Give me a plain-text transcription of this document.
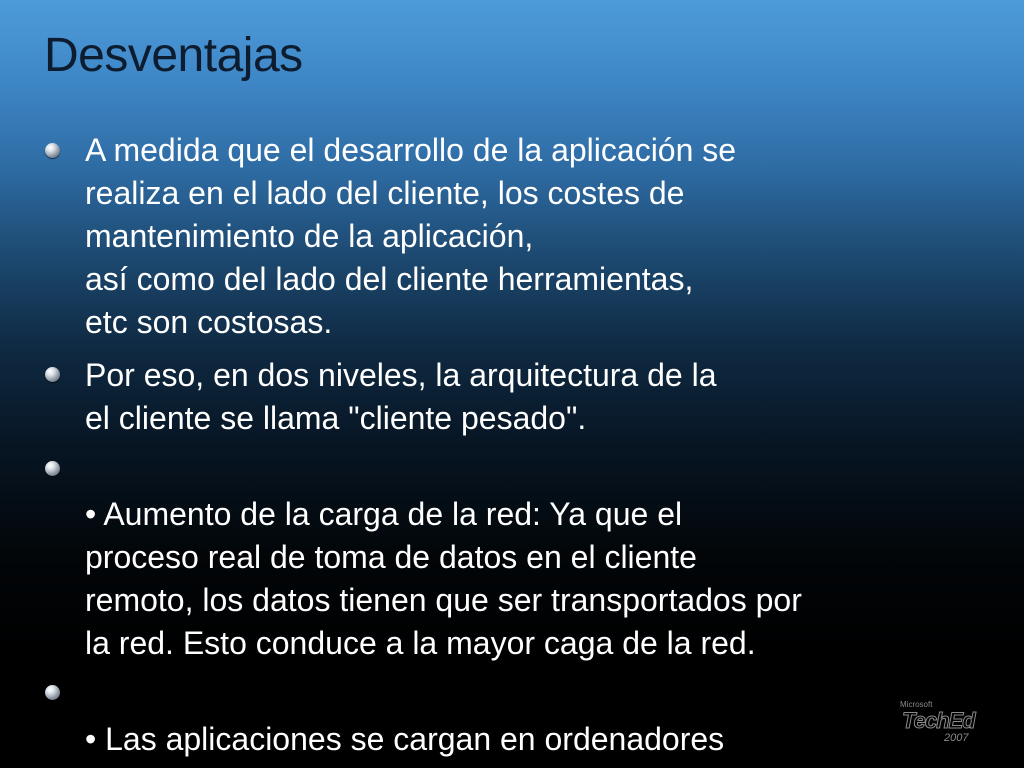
Desventajas
A medida que el desarrollo de la aplicación se
realiza en el lado del cliente, los costes de
mantenimiento de la aplicación,
así como del lado del cliente herramientas,
etc son costosas.
Por eso, en dos niveles, la arquitectura de la
el cliente se llama "cliente pesado".

• Aumento de la carga de la red: Ya que el
proceso real de toma de datos en el cliente
remoto, los datos tienen que ser transportados por
la red. Esto conduce a la mayor caga de la red.

• Las aplicaciones se cargan en ordenadores
Microsoft
TechEd
2007
